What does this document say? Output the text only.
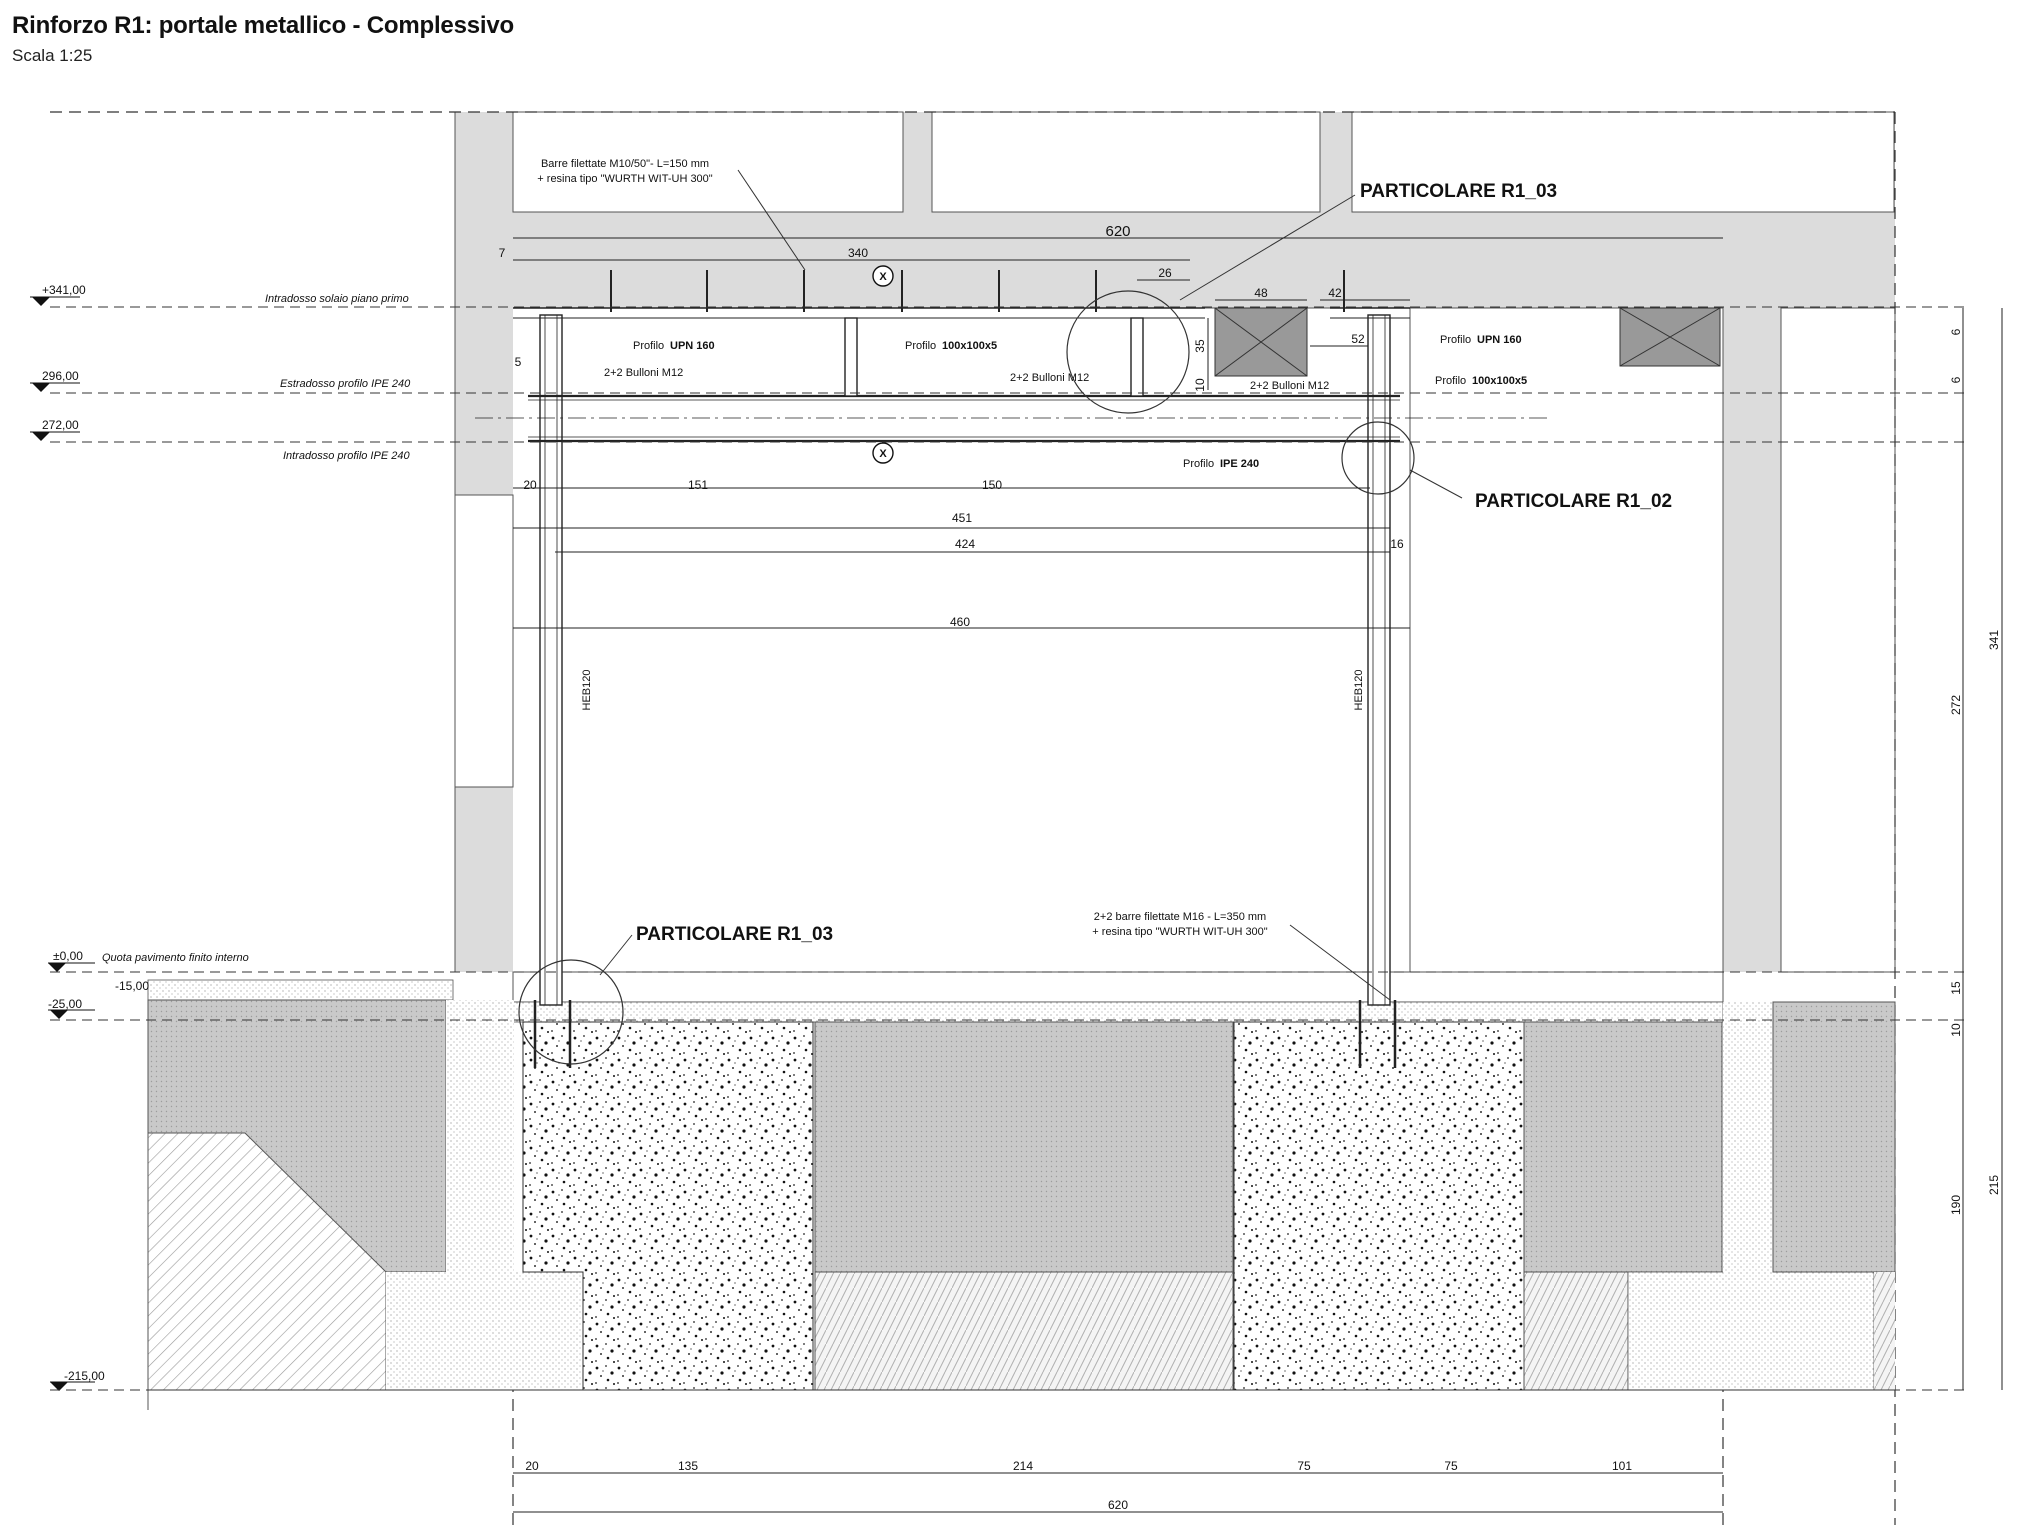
Rinforzo R1: portale metallico - Complessivo
Scala 1:25
620
340
7
26
48	42
35	52
10
5
20	151	150
451
424	16
460
6
6
341
272
215
190
15
10
20	135	214	75	75	101
620
+341,00
296,00
272,00
±0,00
-15,00
-25,00
-215,00
Intradosso solaio piano primo
Estradosso profilo IPE 240
Intradosso profilo IPE 240
Quota pavimento finito interno
Barre filettate M10/50"- L=150 mm
+ resina tipo "WURTH WIT-UH 300"
2+2 barre filettate M16 - L=350 mm
+ resina tipo "WURTH WIT-UH 300"
PARTICOLARE R1_03
PARTICOLARE R1_02
PARTICOLARE R1_03
Profilo UPN 160	Profilo 100x100x5	Profilo UPN 160
Profilo 100x100x5
Profilo IPE 240
2+2 Bulloni M12	2+2 Bulloni M12
2+2 Bulloni M12
HEB120	HEB120
X
X
